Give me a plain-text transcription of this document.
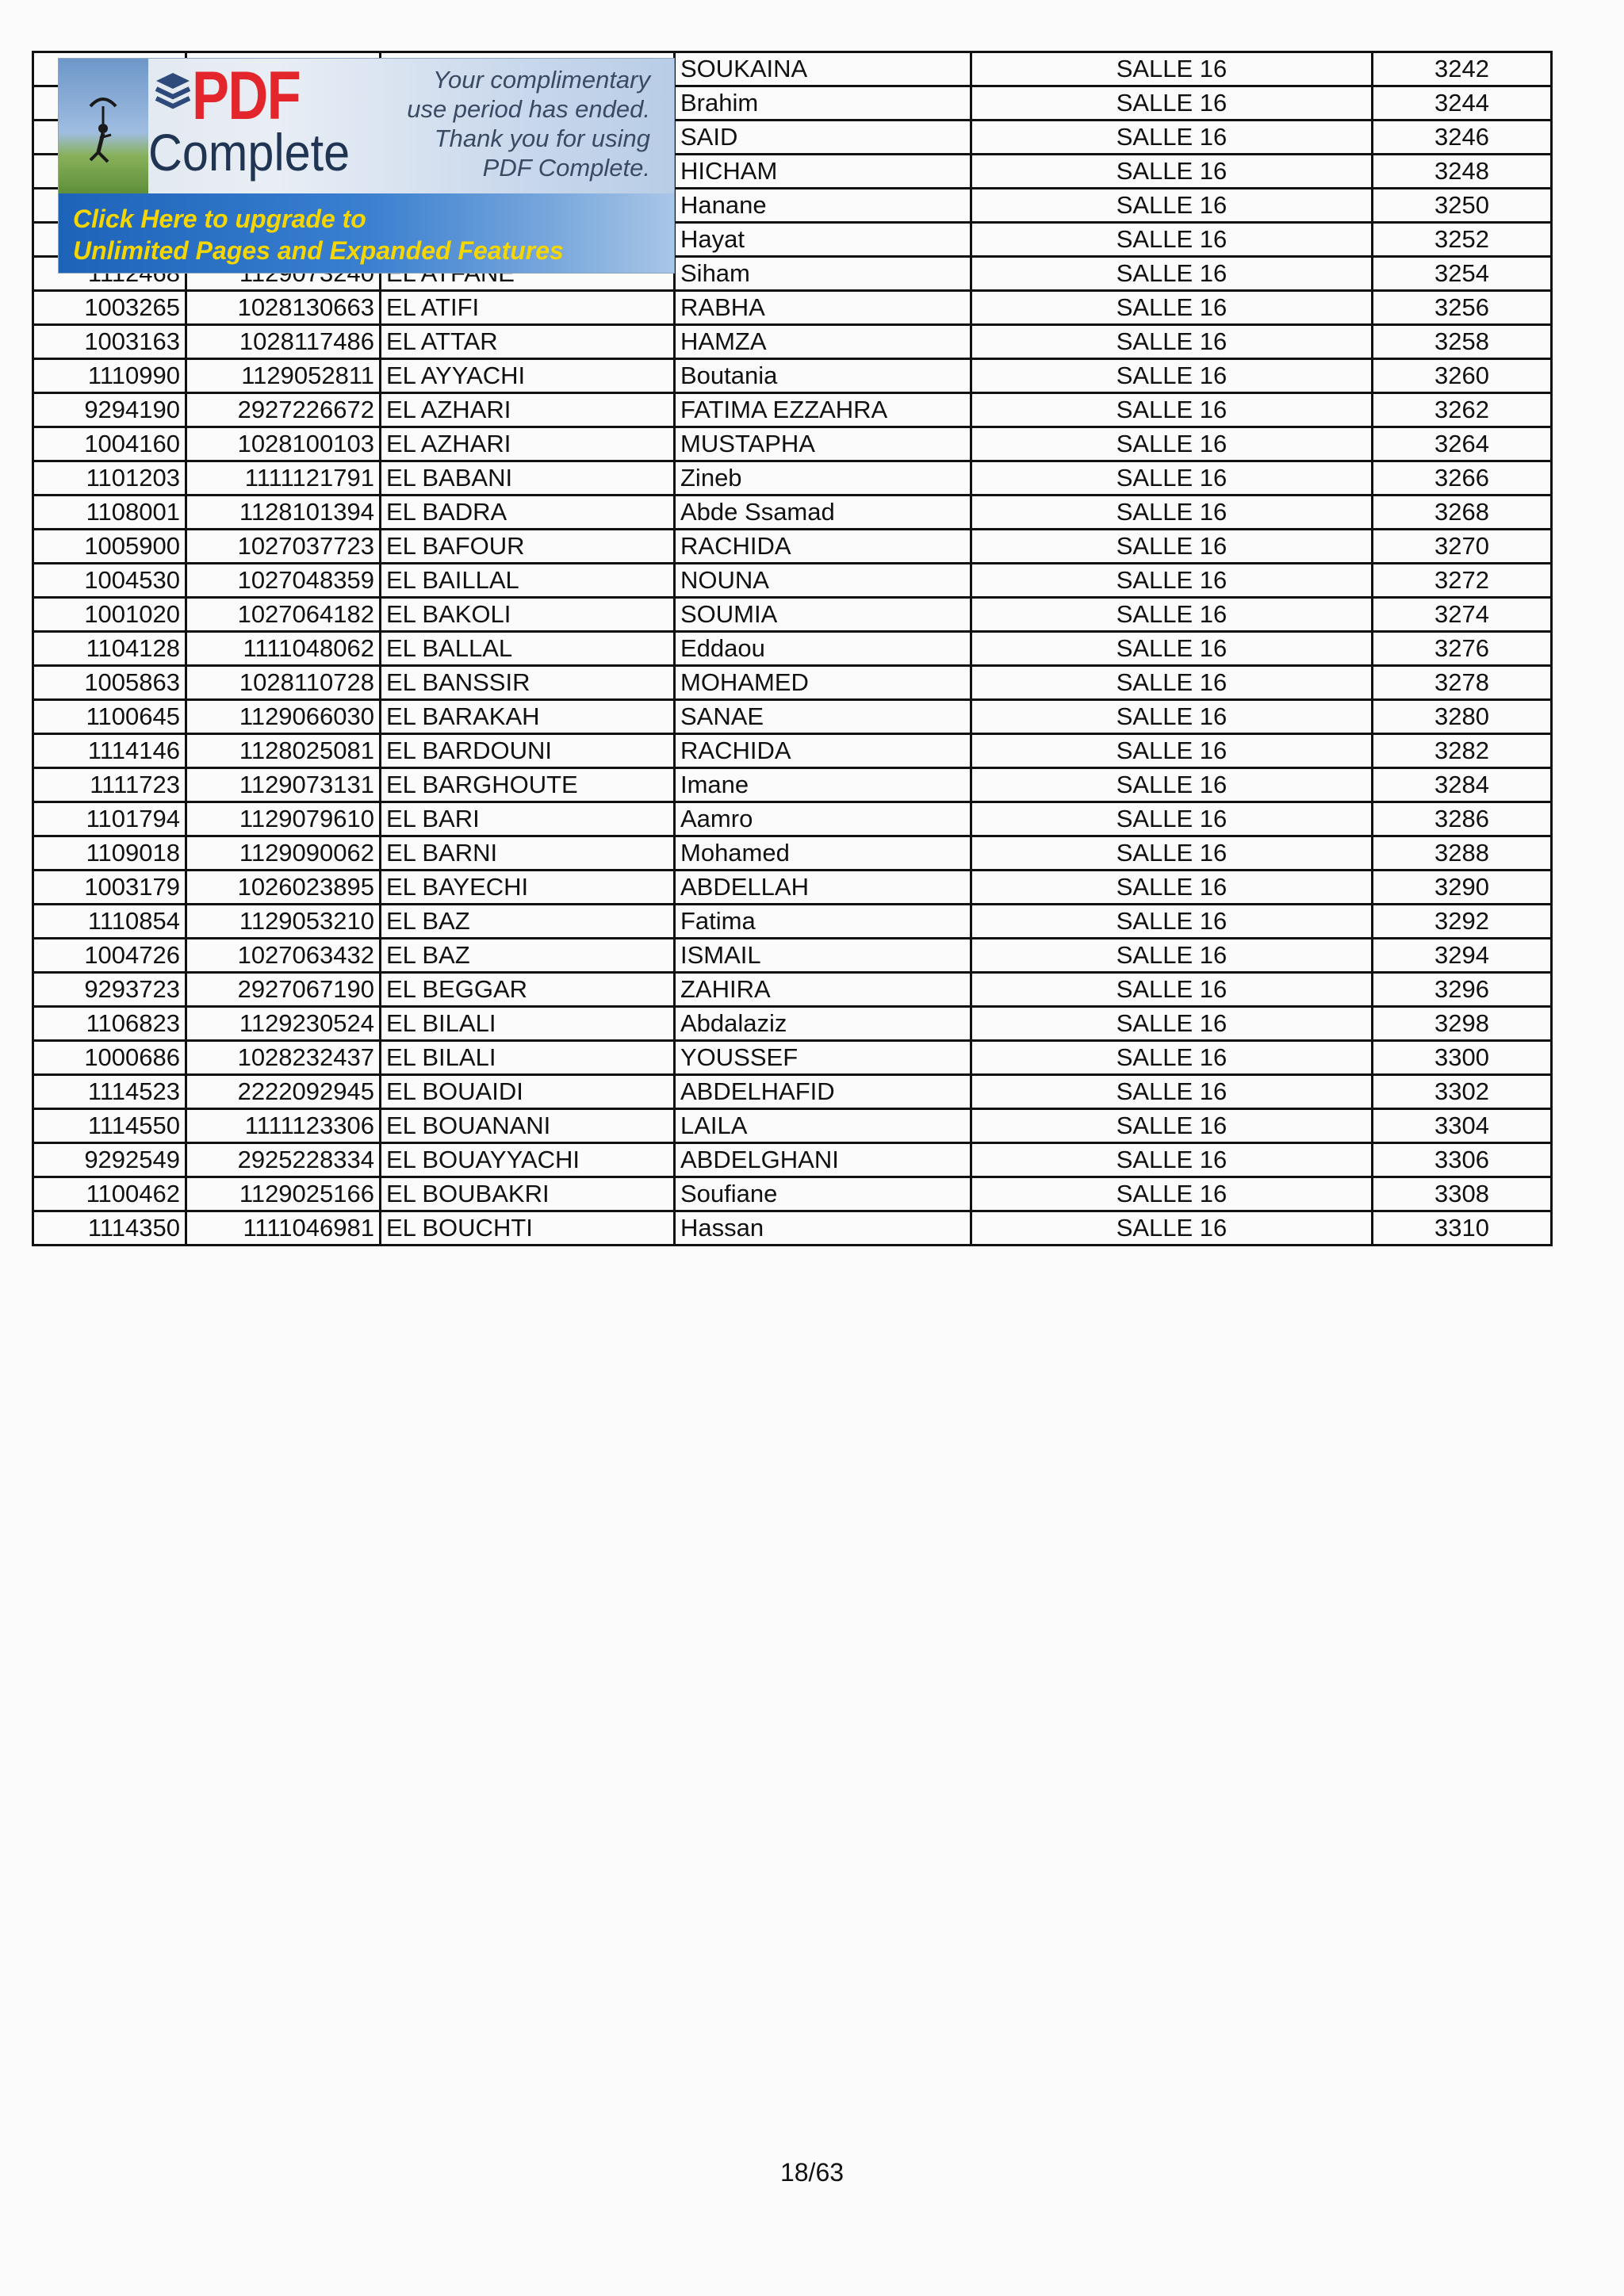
			SOUKAINA	SALLE 16	3242
			Brahim	SALLE 16	3244
			SAID	SALLE 16	3246
			HICHAM	SALLE 16	3248
			Hanane	SALLE 16	3250
			Hayat	SALLE 16	3252
			Siham	SALLE 16	3254
1003265	1028130663	EL ATIFI	RABHA	SALLE 16	3256
1003163	1028117486	EL ATTAR	HAMZA	SALLE 16	3258
1110990	1129052811	EL AYYACHI	Boutania	SALLE 16	3260
9294190	2927226672	EL AZHARI	FATIMA EZZAHRA	SALLE 16	3262
1004160	1028100103	EL AZHARI	MUSTAPHA	SALLE 16	3264
1101203	1111121791	EL BABANI	Zineb	SALLE 16	3266
1108001	1128101394	EL BADRA	Abde Ssamad	SALLE 16	3268
1005900	1027037723	EL BAFOUR	RACHIDA	SALLE 16	3270
1004530	1027048359	EL BAILLAL	NOUNA	SALLE 16	3272
1001020	1027064182	EL BAKOLI	SOUMIA	SALLE 16	3274
1104128	1111048062	EL BALLAL	Eddaou	SALLE 16	3276
1005863	1028110728	EL BANSSIR	MOHAMED	SALLE 16	3278
1100645	1129066030	EL BARAKAH	SANAE	SALLE 16	3280
1114146	1128025081	EL BARDOUNI	RACHIDA	SALLE 16	3282
1111723	1129073131	EL BARGHOUTE	Imane	SALLE 16	3284
1101794	1129079610	EL BARI	Aamro	SALLE 16	3286
1109018	1129090062	EL BARNI	Mohamed	SALLE 16	3288
1003179	1026023895	EL BAYECHI	ABDELLAH	SALLE 16	3290
1110854	1129053210	EL BAZ	Fatima	SALLE 16	3292
1004726	1027063432	EL BAZ	ISMAIL	SALLE 16	3294
9293723	2927067190	EL BEGGAR	ZAHIRA	SALLE 16	3296
1106823	1129230524	EL BILALI	Abdalaziz	SALLE 16	3298
1000686	1028232437	EL BILALI	YOUSSEF	SALLE 16	3300
1114523	2222092945	EL BOUAIDI	ABDELHAFID	SALLE 16	3302
1114550	1111123306	EL BOUANANI	LAILA	SALLE 16	3304
9292549	2925228334	EL BOUAYYACHI	ABDELGHANI	SALLE 16	3306
1100462	1129025166	EL BOUBAKRI	Soufiane	SALLE 16	3308
1114350	1111046981	EL BOUCHTI	Hassan	SALLE 16	3310
PDF
Complete
Your complimentary
use period has ended.
Thank you for using
PDF Complete.
Click Here to upgrade to
Unlimited Pages and Expanded Features
18/63
